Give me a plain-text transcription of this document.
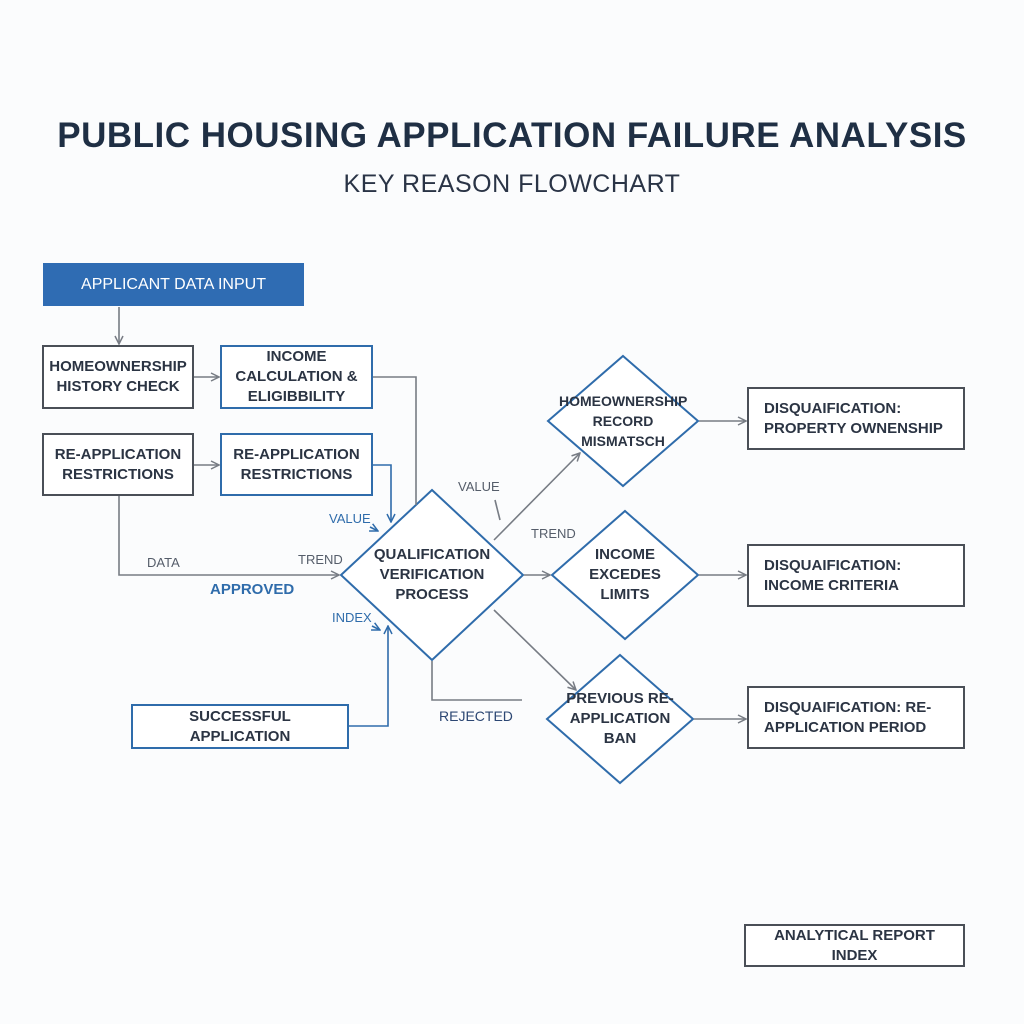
PUBLIC HOUSING APPLICATION FAILURE ANALYSIS
KEY REASON FLOWCHART
APPLICANT DATA INPUT
HOMEOWNERSHIP HISTORY CHECK
INCOME CALCULATION & ELIGIBBILITY
RE-APPLICATION RESTRICTIONS
RE-APPLICATION RESTRICTIONS
SUCCESSFUL APPLICATION
DISQUAIFICATION: PROPERTY OWNENSHIP
DISQUAIFICATION: INCOME CRITERIA
DISQUAIFICATION: RE-APPLICATION PERIOD
ANALYTICAL REPORT INDEX
QUALIFICATION VERIFICATION PROCESS
HOMEOWNERSHIP RECORD MISMATSCH
INCOME EXCEDES LIMITS
PREVIOUS RE-APPLICATION BAN
DATA	TREND
APPROVED
VALUE
INDEX
VALUE
TREND
REJECTED
